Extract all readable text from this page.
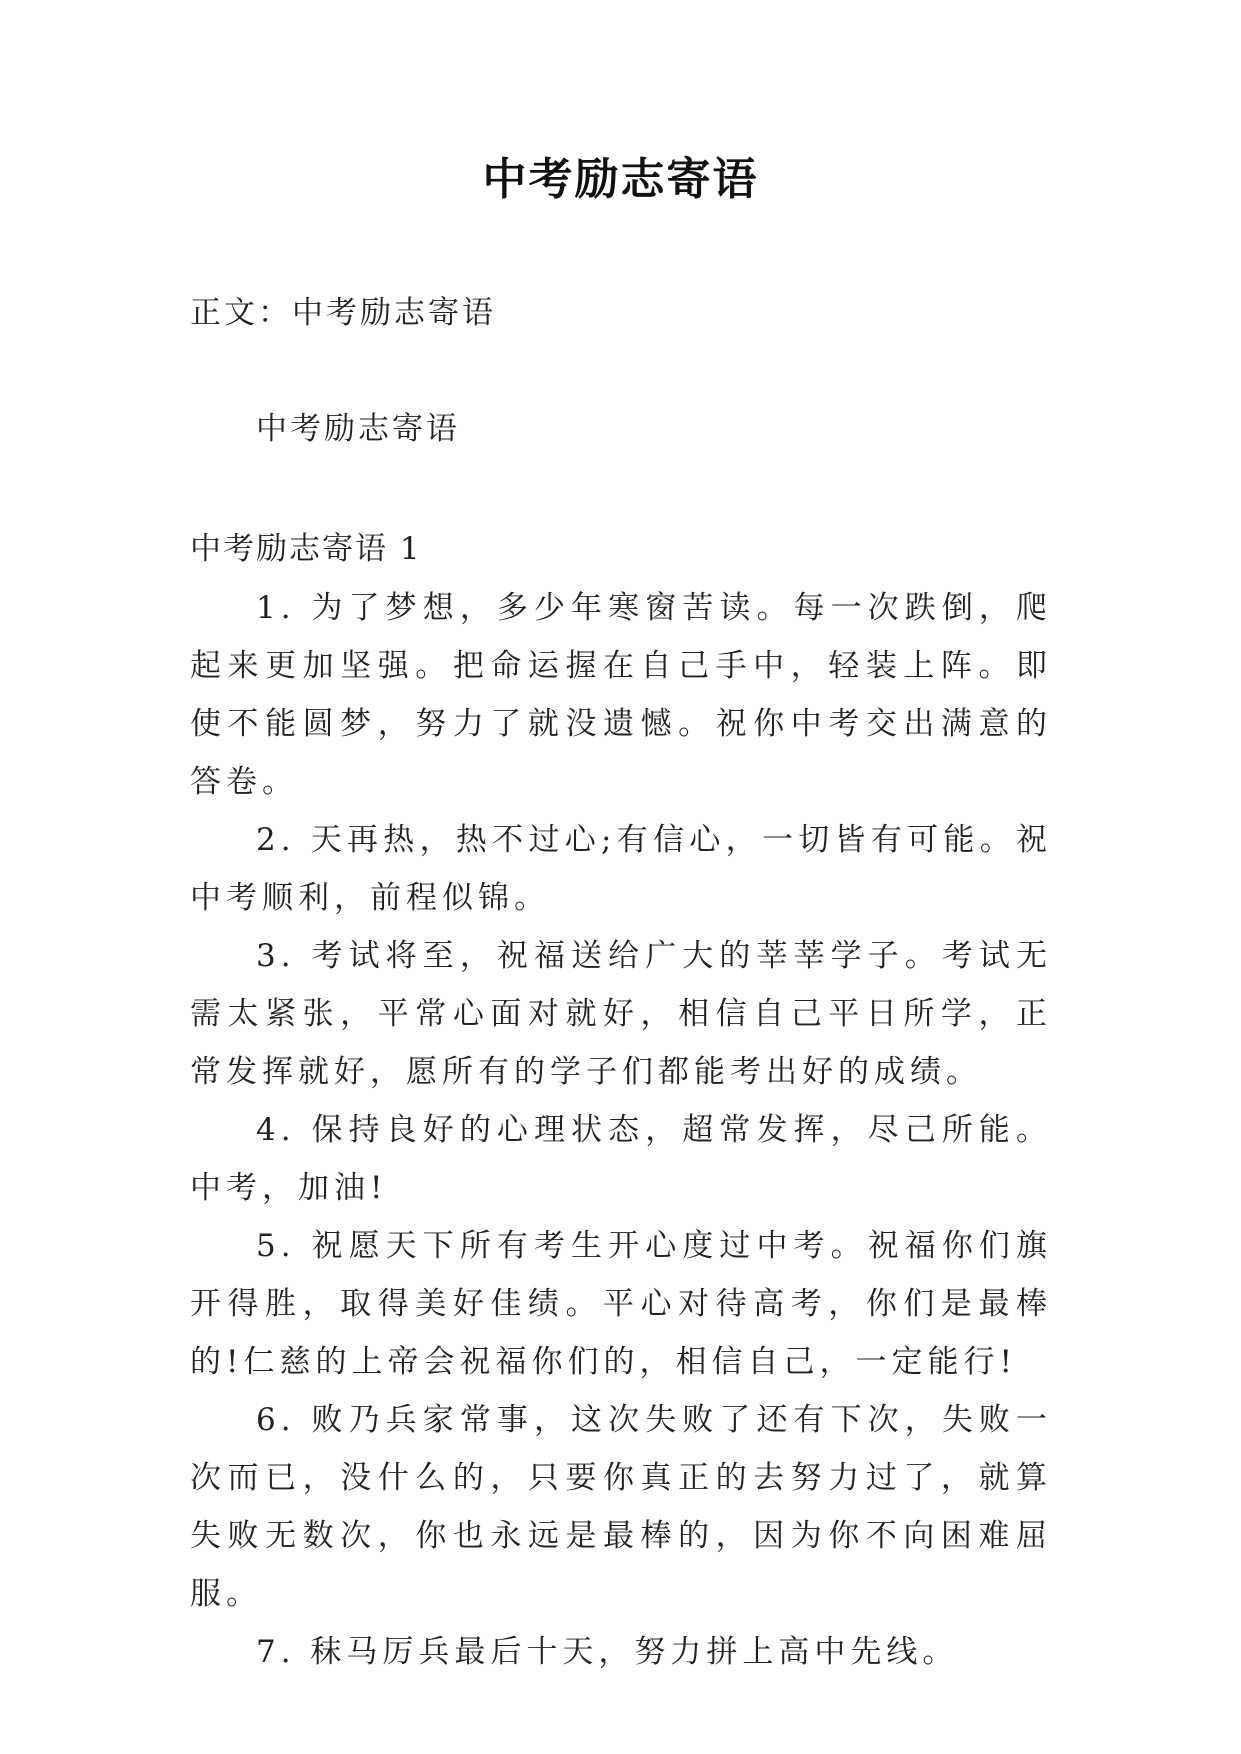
中考励志寄语
正文：中考励志寄语
中考励志寄语
中考励志寄语 1

1. 为了梦想，多少年寒窗苦读。每一次跌倒，爬起来更加坚强。把命运握在自己手中，轻装上阵。即使不能圆梦，努力了就没遗憾。祝你中考交出满意的答卷。

2. 天再热，热不过心;有信心，一切皆有可能。祝中考顺利，前程似锦。

3. 考试将至，祝福送给广大的莘莘学子。考试无需太紧张，平常心面对就好，相信自己平日所学，正常发挥就好，愿所有的学子们都能考出好的成绩。

4. 保持良好的心理状态，超常发挥，尽己所能。中考，加油!

5. 祝愿天下所有考生开心度过中考。祝福你们旗开得胜，取得美好佳绩。平心对待高考，你们是最棒的!仁慈的上帝会祝福你们的，相信自己，一定能行!

6. 败乃兵家常事，这次失败了还有下次，失败一次而已，没什么的，只要你真正的去努力过了，就算失败无数次，你也永远是最棒的，因为你不向困难屈服。

7. 秣马厉兵最后十天，努力拼上高中先线。
